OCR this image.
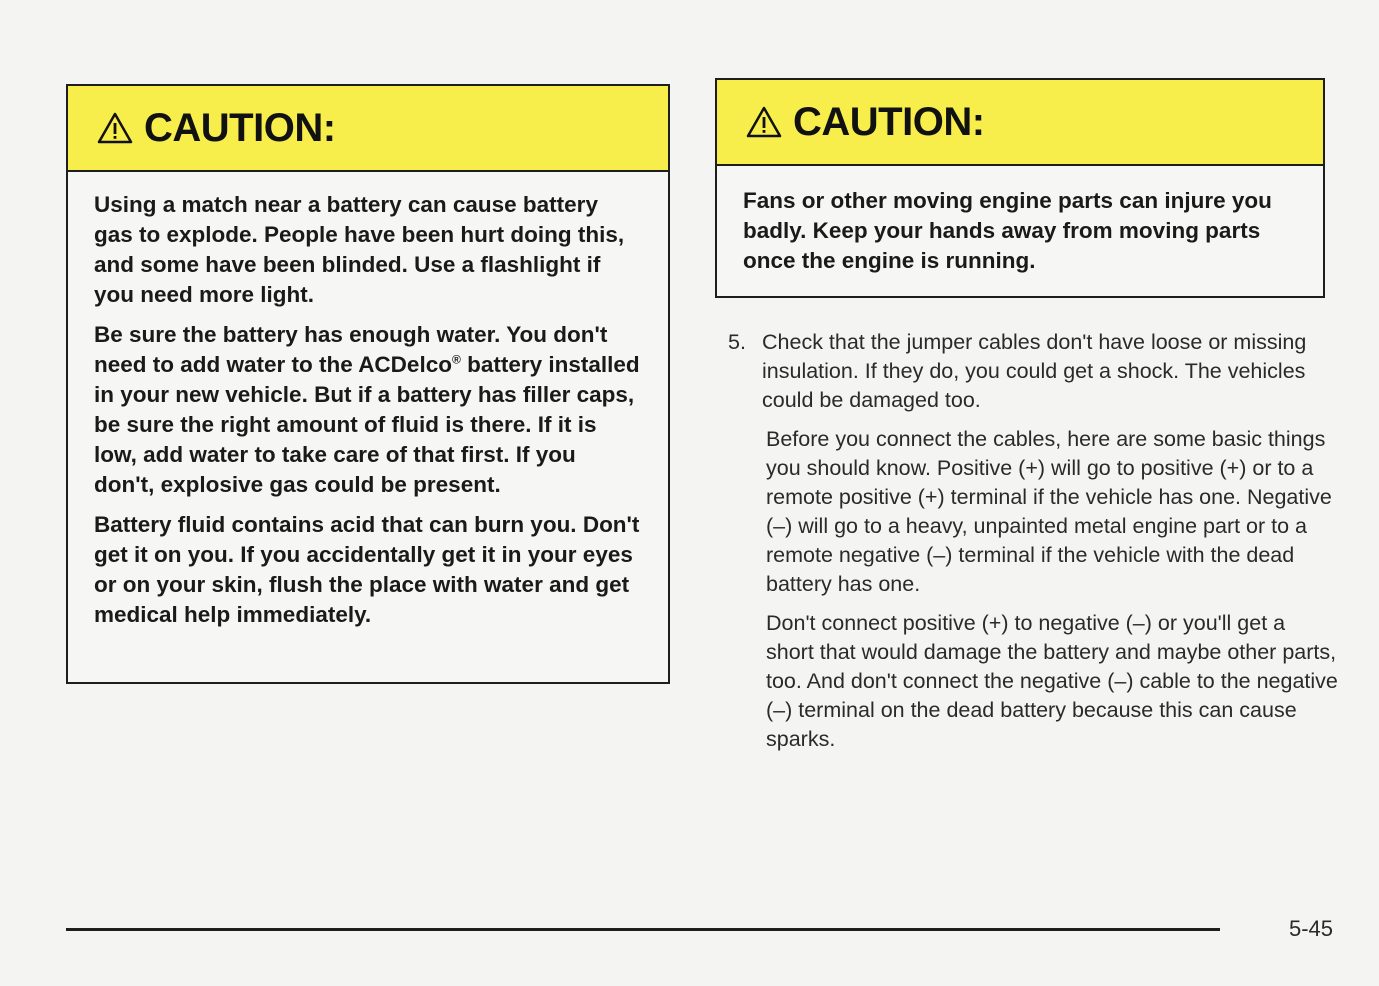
CAUTION:

Using a match near a battery can cause battery gas to explode. People have been hurt doing this, and some have been blinded. Use a flashlight if you need more light.

Be sure the battery has enough water. You don't need to add water to the ACDelco® battery installed in your new vehicle. But if a battery has filler caps, be sure the right amount of fluid is there. If it is low, add water to take care of that first. If you don't, explosive gas could be present.

Battery fluid contains acid that can burn you. Don't get it on you. If you accidentally get it in your eyes or on your skin, flush the place with water and get medical help immediately.

CAUTION:

Fans or other moving engine parts can injure you badly. Keep your hands away from moving parts once the engine is running.

5. Check that the jumper cables don't have loose or missing insulation. If they do, you could get a shock. The vehicles could be damaged too.

Before you connect the cables, here are some basic things you should know. Positive (+) will go to positive (+) or to a remote positive (+) terminal if the vehicle has one. Negative (–) will go to a heavy, unpainted metal engine part or to a remote negative (–) terminal if the vehicle with the dead battery has one.

Don't connect positive (+) to negative (–) or you'll get a short that would damage the battery and maybe other parts, too. And don't connect the negative (–) cable to the negative (–) terminal on the dead battery because this can cause sparks.

5-45
